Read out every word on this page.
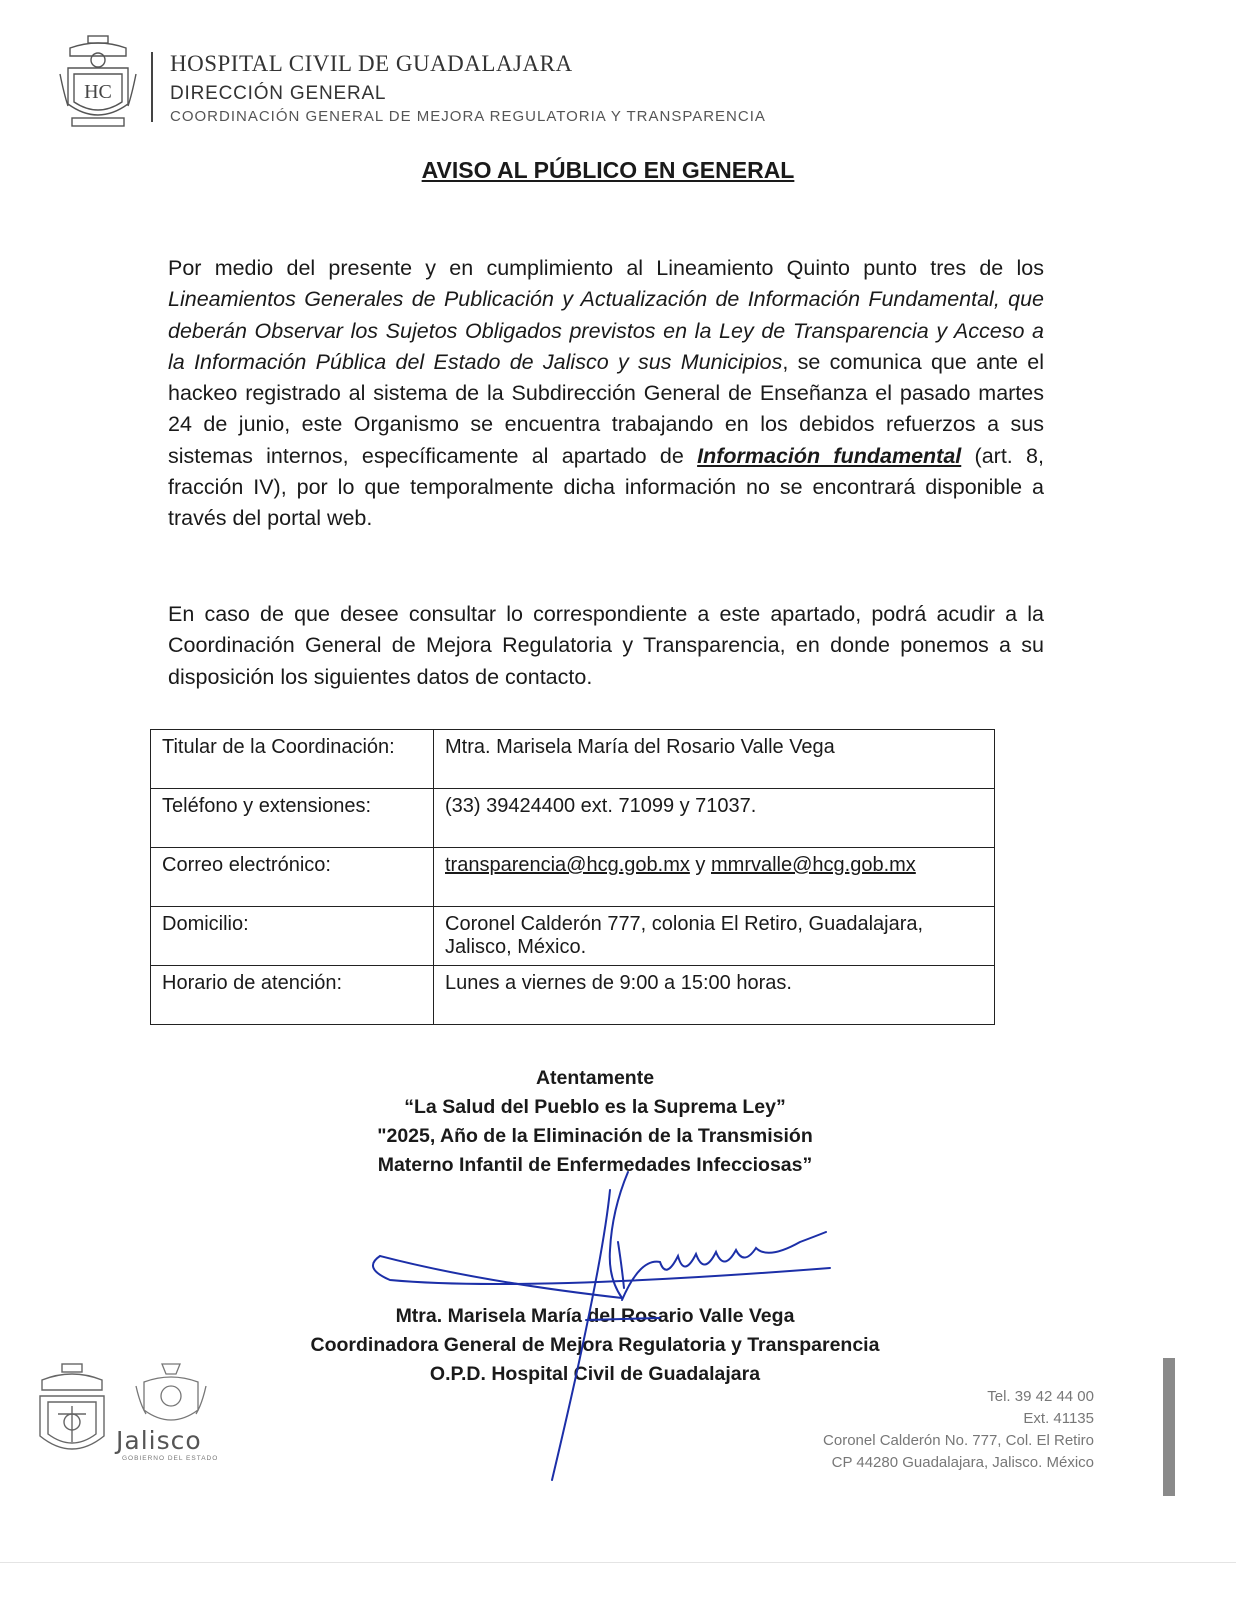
HC
HOSPITAL CIVIL DE GUADALAJARA
DIRECCIÓN GENERAL
COORDINACIÓN GENERAL DE MEJORA REGULATORIA Y TRANSPARENCIA
AVISO AL PÚBLICO EN GENERAL
Por medio del presente y en cumplimiento al Lineamiento Quinto punto tres de los Lineamientos Generales de Publicación y Actualización de Información Fundamental, que deberán Observar los Sujetos Obligados previstos en la Ley de Transparencia y Acceso a la Información Pública del Estado de Jalisco y sus Municipios, se comunica que ante el hackeo registrado al sistema de la Subdirección General de Enseñanza el pasado martes 24 de junio, este Organismo se encuentra trabajando en los debidos refuerzos a sus sistemas internos, específicamente al apartado de Información fundamental (art. 8, fracción IV), por lo que temporalmente dicha información no se encontrará disponible a través del portal web.
En caso de que desee consultar lo correspondiente a este apartado, podrá acudir a la Coordinación General de Mejora Regulatoria y Transparencia, en donde ponemos a su disposición los siguientes datos de contacto.
Titular de la Coordinación:	Mtra. Marisela María del Rosario Valle Vega
Teléfono y extensiones:	(33) 39424400 ext. 71099 y 71037.
Correo electrónico:	transparencia@hcg.gob.mx y mmrvalle@hcg.gob.mx
Domicilio:	Coronel Calderón 777, colonia El Retiro, Guadalajara, Jalisco, México.
Horario de atención:	Lunes a viernes de 9:00 a 15:00 horas.
Atentamente
“La Salud del Pueblo es la Suprema Ley”
"2025, Año de la Eliminación de la Transmisión
Materno Infantil de Enfermedades Infecciosas”
Mtra. Marisela María del Rosario Valle Vega
Coordinadora General de Mejora Regulatoria y Transparencia
O.P.D. Hospital Civil de Guadalajara
Jalisco
GOBIERNO DEL ESTADO
Tel. 39 42 44 00
Ext. 41135
Coronel Calderón No. 777, Col. El Retiro
CP 44280 Guadalajara, Jalisco. México
